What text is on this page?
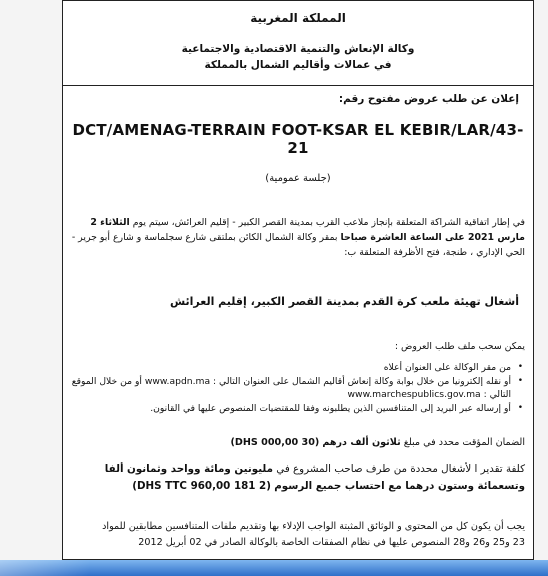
المملكة المغربية
وكالة الإنعاش والتنمية الاقتصادية والاجتماعية
في عمالات وأقاليم الشمال بالمملكة
إعلان عن طلب عروض مفتوح رقم:
DCT/AMENAG-TERRAIN FOOT-KSAR EL KEBIR/LAR/43-21
(جلسة عمومية)
في إطار اتفاقية الشراكة المتعلقة بإنجاز ملاعب القرب بمدينة القصر الكبير - إقليم العرائش، سيتم يوم الثلاثاء 2 مارس 2021 على الساعة العاشرة صباحا بمقر وكالة الشمال الكائن بملتقى شارع سجلماسة و شارع أبو جرير - الحي الإداري ، طنجة، فتح الأظرفة المتعلقة ب:
أشغال تهيئة ملعب كرة القدم بمدينة القصر الكبير، إقليم العرائش
يمكن سحب ملف طلب العروض :
• من مقر الوكالة على العنوان أعلاه
• أو نقله إلكترونيا من خلال بوابة وكالة إنعاش أقاليم الشمال على العنوان التالي : www.apdn.ma أو من خلال الموقع التالي : www.marchespublics.gov.ma
• أو إرساله عبر البريد إلى المتنافسين الذين يطلبونه وفقا للمقتضيات المنصوص عليها في القانون.
الضمان المؤقت محدد في مبلغ ثلاثون ألف درهم (30 000,00 DHS)
كلفة تقدير ا لأشغال محددة من طرف صاحب المشروع في مليونين ومائة وواحد وثمانون ألفا وتسعمائة وستون درهما مع احتساب جميع الرسوم (2 181 960,00 DHS TTC)
يجب أن يكون كل من المحتوى و الوثائق المثبتة الواجب الإدلاء بها وتقديم ملفات المتنافسين مطابقين للمواد
23 و25 و26 و28 المنصوص عليها في نظام الصفقات الخاصة بالوكالة الصادر في 02 أبريل 2012
